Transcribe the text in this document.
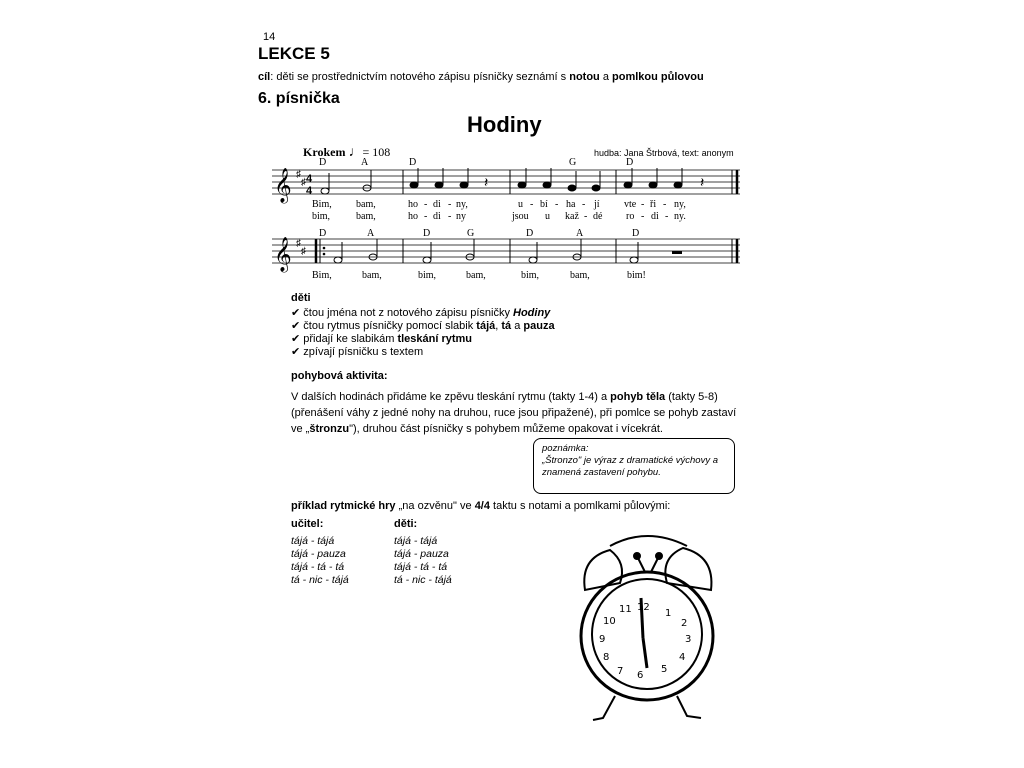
14
LEKCE 5
cíl: děti se prostřednictvím notového zápisu písničky seznámí s notou a pomlkou půlovou
6. písnička
Hodiny
Krokem ♩= 108	hudba: Jana Štrbová, text: anonym
𝄞
𝄞
♯
♯
♯
♯
4
4
𝄽	𝄽
D	A	D	G	D
Bim, bam,	ho - di - ny,	u - bí - ha - jí vte - ři - ny,
bim,	bam,	ho - di - ny	jsou u kaž - dé ro - di - ny.
D	A	D	G	D	A	D
Bim,	bam,	bim,	bam,	bim,	bam,	bim!
děti
✔ čtou jména not z notového zápisu písničky Hodiny
✔ čtou rytmus písničky pomocí slabik tájá, tá a pauza
✔ přidají ke slabikám tleskání rytmu
✔ zpívají písničku s textem
pohybová aktivita:
V dalších hodinách přidáme ke zpěvu tleskání rytmu (takty 1-4) a pohyb těla (takty 5-8) (přenášení váhy z jedné nohy na druhou, ruce jsou připažené), při pomlce se pohyb zastaví ve „štronzu"), druhou část písničky s pohybem můžeme opakovat i vícekrát.
poznámka:
„Štronzo" je výraz z dramatické výchovy a znamená zastavení pohybu.
příklad rytmické hry „na ozvěnu" ve 4/4 taktu s notami a pomlkami půlovými:
učitel:
tájá - tájá
tájá - pauza
tájá - tá - tá
tá - nic - tájá
děti:
tájá - tájá
tájá - pauza
tájá - tá - tá
tá - nic - tájá
12
1
2
3
4
5
6
7
8
9
10
11
